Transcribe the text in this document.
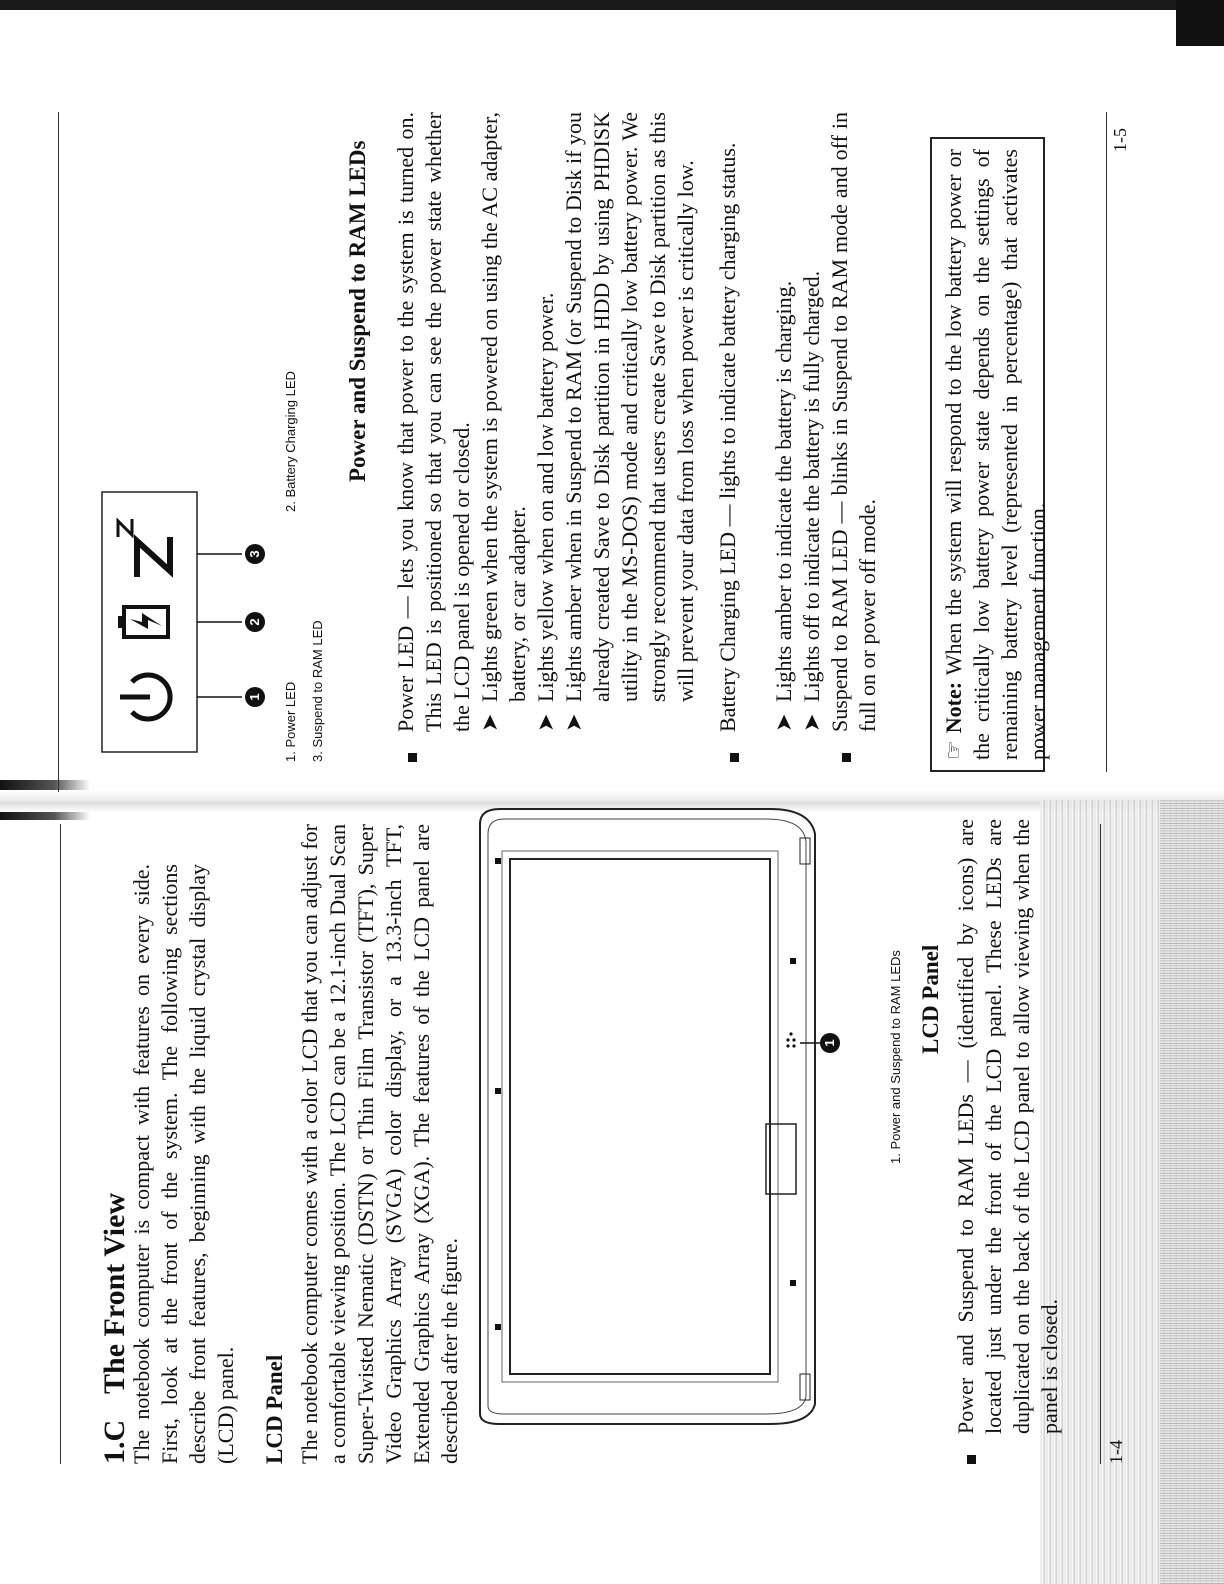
1.C
The Front View
The notebook computer is compact with features on every side. First, look at the front of the system. The following sections describe front features, beginning with the liquid crystal display (LCD) panel. LCD Panel The notebook computer comes with a color LCD that you can adjust for a comfortable viewing position. The LCD can be a 12.1-inch Dual Scan Super-Twisted Nematic (DSTN) or Thin Film Transistor (TFT), Super Video Graphics Array (SVGA) color display, or a 13.3-inch TFT, Extended Graphics Array (XGA). The features of the LCD panel are described after the figure.
1	1. Power and Suspend to RAM LEDs LCD Panel Power and Suspend to RAM LEDs — (identified by icons) are located just under the front of the LCD panel. These LEDs are duplicated on the back of the LCD panel to allow viewing when the panel is closed.
1-4
1
2
3
1. Power LED
2. Battery Charging LED
3. Suspend to RAM LED
Power and Suspend to RAM LEDs Power LED — lets you know that power to the system is turned on. This LED is positioned so that you can see the power state whether the LCD panel is opened or closed. ➤
Lights green when the system is powered on using the AC adapter, battery, or car adapter.
➤
Lights yellow when on and low battery power.
➤
Lights amber when in Suspend to RAM (or Suspend to Disk if you already created Save to Disk partition in HDD by using PHDISK utility in the MS-DOS) mode and critically low battery power. We strongly recommend that users create Save to Disk partition as this will prevent your data from loss when power is critically low. Battery Charging LED — lights to indicate battery charging status. ➤
Lights amber to indicate the battery is charging.
➤
Lights off to indicate the battery is fully charged. Suspend to RAM LED — blinks in Suspend to RAM mode and off in full on or power off mode.
☞ Note: When the system will respond to the low battery power or the critically low battery power state depends on the settings of remaining battery level (represented in percentage) that activates power management function.
1-5
